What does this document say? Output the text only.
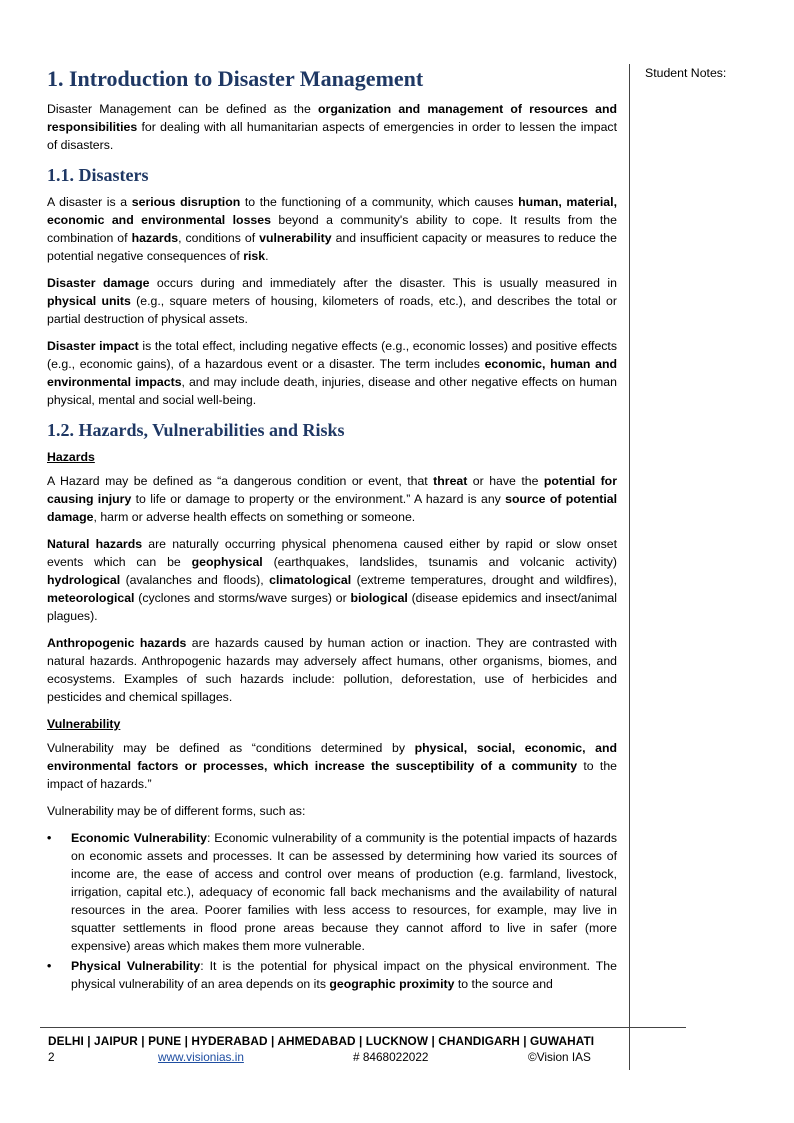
1. Introduction to Disaster Management

Disaster Management can be defined as the organization and management of resources and responsibilities for dealing with all humanitarian aspects of emergencies in order to lessen the impact of disasters.

1.1. Disasters

A disaster is a serious disruption to the functioning of a community, which causes human, material, economic and environmental losses beyond a community's ability to cope. It results from the combination of hazards, conditions of vulnerability and insufficient capacity or measures to reduce the potential negative consequences of risk.

Disaster damage occurs during and immediately after the disaster. This is usually measured in physical units (e.g., square meters of housing, kilometers of roads, etc.), and describes the total or partial destruction of physical assets.

Disaster impact is the total effect, including negative effects (e.g., economic losses) and positive effects (e.g., economic gains), of a hazardous event or a disaster. The term includes economic, human and environmental impacts, and may include death, injuries, disease and other negative effects on human physical, mental and social well-being.

1.2. Hazards, Vulnerabilities and Risks
Hazards

A Hazard may be defined as “a dangerous condition or event, that threat or have the potential for causing injury to life or damage to property or the environment.” A hazard is any source of potential damage, harm or adverse health effects on something or someone.

Natural hazards are naturally occurring physical phenomena caused either by rapid or slow onset events which can be geophysical (earthquakes, landslides, tsunamis and volcanic activity) hydrological (avalanches and floods), climatological (extreme temperatures, drought and wildfires), meteorological (cyclones and storms/wave surges) or biological (disease epidemics and insect/animal plagues).

Anthropogenic hazards are hazards caused by human action or inaction. They are contrasted with natural hazards. Anthropogenic hazards may adversely affect humans, other organisms, biomes, and ecosystems. Examples of such hazards include: pollution, deforestation, use of herbicides and pesticides and chemical spillages.

Vulnerability

Vulnerability may be defined as “conditions determined by physical, social, economic, and environmental factors or processes, which increase the susceptibility of a community to the impact of hazards.”

Vulnerability may be of different forms, such as:

• Economic Vulnerability: Economic vulnerability of a community is the potential impacts of hazards on economic assets and processes. It can be assessed by determining how varied its sources of income are, the ease of access and control over means of production (e.g. farmland, livestock, irrigation, capital etc.), adequacy of economic fall back mechanisms and the availability of natural resources in the area. Poorer families with less access to resources, for example, may live in squatter settlements in flood prone areas because they cannot afford to live in safer (more expensive) areas which makes them more vulnerable.
• Physical Vulnerability: It is the potential for physical impact on the physical environment. The physical vulnerability of an area depends on its geographic proximity to the source and
Student Notes:
DELHI | JAIPUR | PUNE | HYDERABAD | AHMEDABAD | LUCKNOW | CHANDIGARH | GUWAHATI
2	www.visionias.in	# 8468022022	©Vision IAS
